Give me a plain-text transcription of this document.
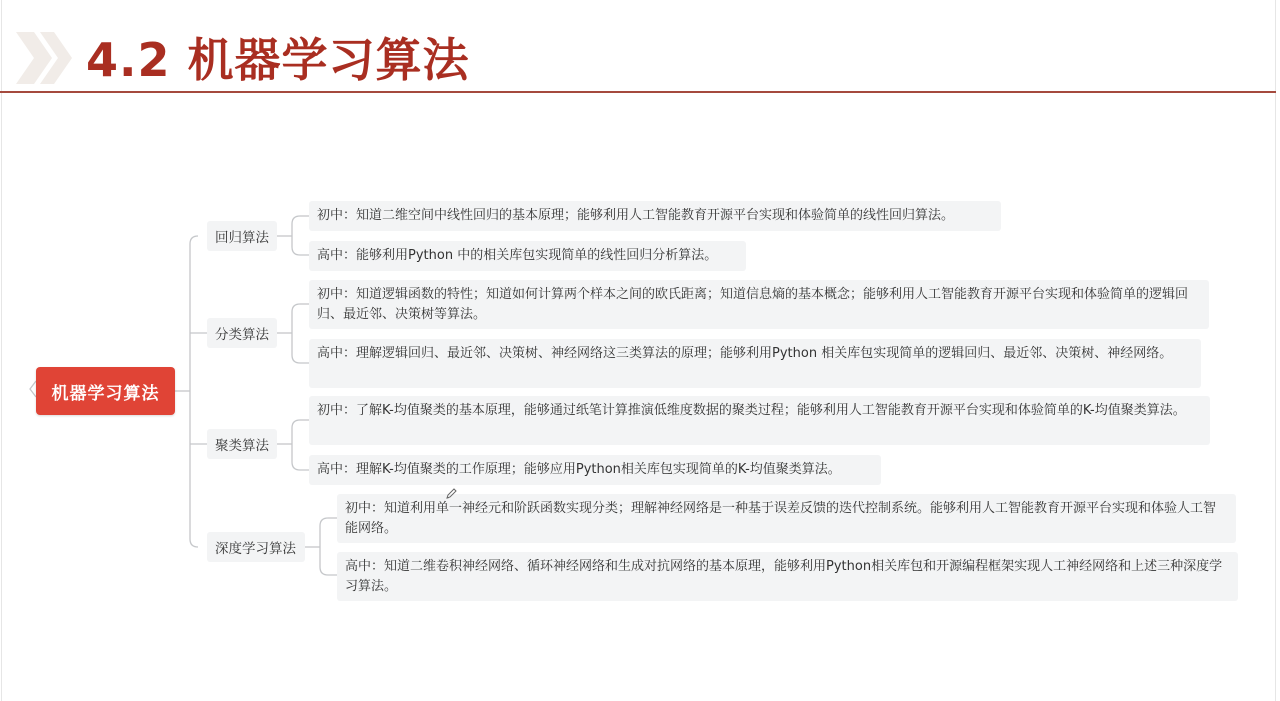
4.2 机器学习算法
机器学习算法
回归算法
初中：知道二维空间中线性回归的基本原理；能够利用人工智能教育开源平台实现和体验简单的线性回归算法。
高中：能够利用Python 中的相关库包实现简单的线性回归分析算法。
分类算法
初中：知道逻辑函数的特性；知道如何计算两个样本之间的欧氏距离；知道信息熵的基本概念；能够利用人工智能教育开源平台实现和体验简单的逻辑回归、最近邻、决策树等算法。
高中：理解逻辑回归、最近邻、决策树、神经网络这三类算法的原理；能够利用Python 相关库包实现简单的逻辑回归、最近邻、决策树、神经网络。
聚类算法
初中：了解K-均值聚类的基本原理，能够通过纸笔计算推演低维度数据的聚类过程；能够利用人工智能教育开源平台实现和体验简单的K-均值聚类算法。
高中：理解K-均值聚类的工作原理；能够应用Python相关库包实现简单的K-均值聚类算法。
深度学习算法
初中：知道利用单一神经元和阶跃函数实现分类；理解神经网络是一种基于误差反馈的迭代控制系统。能够利用人工智能教育开源平台实现和体验人工智能网络。
高中：知道二维卷积神经网络、循环神经网络和生成对抗网络的基本原理，能够利用Python相关库包和开源编程框架实现人工神经网络和上述三种深度学习算法。
